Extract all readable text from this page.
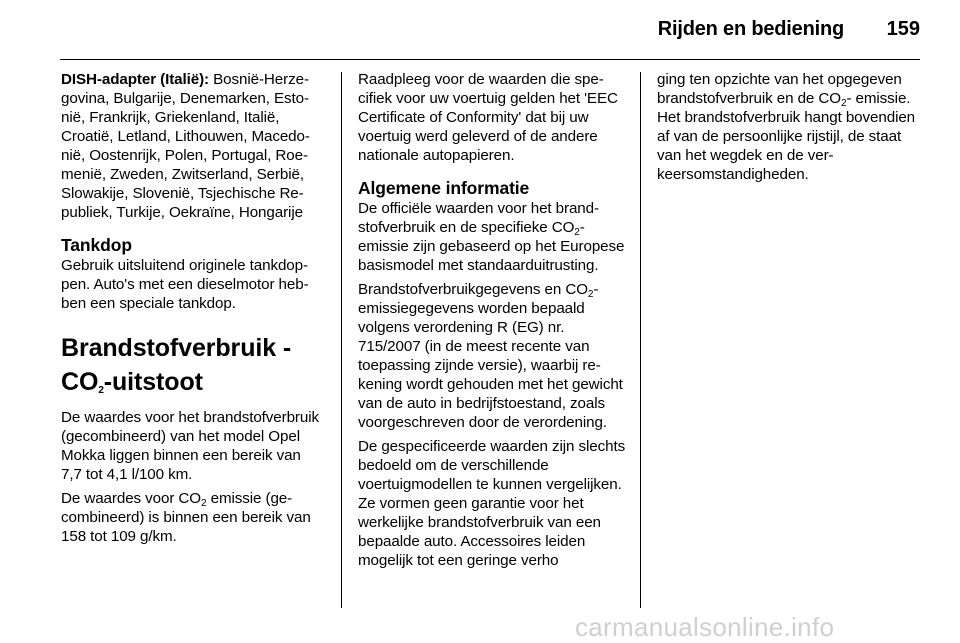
Rijden en bediening 159

DISH-adapter (Italië): Bosnië-Herzegovina, Bulgarije, Denemarken, Estonië, Frankrijk, Griekenland, Italië, Croatië, Letland, Lithouwen, Macedonië, Oostenrijk, Polen, Portugal, Roemenië, Zweden, Zwitserland, Serbië, Slowakije, Slovenië, Tsjechische Republiek, Turkije, Oekraïne, Hongarije

Tankdop

Gebruik uitsluitend originele tankdoppen. Auto's met een dieselmotor hebben een speciale tankdop.

Brandstofverbruik -
$CO_2$-uitstoot

De waardes voor het brandstofverbruik (gecombineerd) van het model Opel Mokka liggen binnen een bereik van 7,7 tot 4,1 l/100 km.

De waardes voor $CO_2$ emissie (gecombineerd) is binnen een bereik van 158 tot 109 g/km.

Raadpleeg voor de waarden die specifiek voor uw voertuig gelden het 'EEC Certificate of Conformity' dat bij uw voertuig werd geleverd of de andere nationale autopapieren.

Algemene informatie

De officiële waarden voor het brandstofverbruik en de specifieke $CO_2$-emissie zijn gebaseerd op het Europese basismodel met standaarduitrusting.

Brandstofverbruikgegevens en $CO_2$-emissiegegevens worden bepaald volgens verordening R (EG) nr. 715/2007 (in de meest recente van toepassing zijnde versie), waarbij rekening wordt gehouden met het gewicht van de auto in bedrijfstoestand, zoals voorgeschreven door de verordening.

De gespecificeerde waarden zijn slechts bedoeld om de verschillende voertuigmodellen te kunnen vergelijken. Ze vormen geen garantie voor het werkelijke brandstofverbruik van een bepaalde auto. Accessoires leiden mogelijk tot een geringe verho

ging ten opzichte van het opgegeven brandstofverbruik en de $CO_2-$ emissie. Het brandstofverbruik hangt bovendien af van de persoonlijke rijstijl, de staat van het wegdek en de verkeersomstandigheden.

carmanualsonline.info
